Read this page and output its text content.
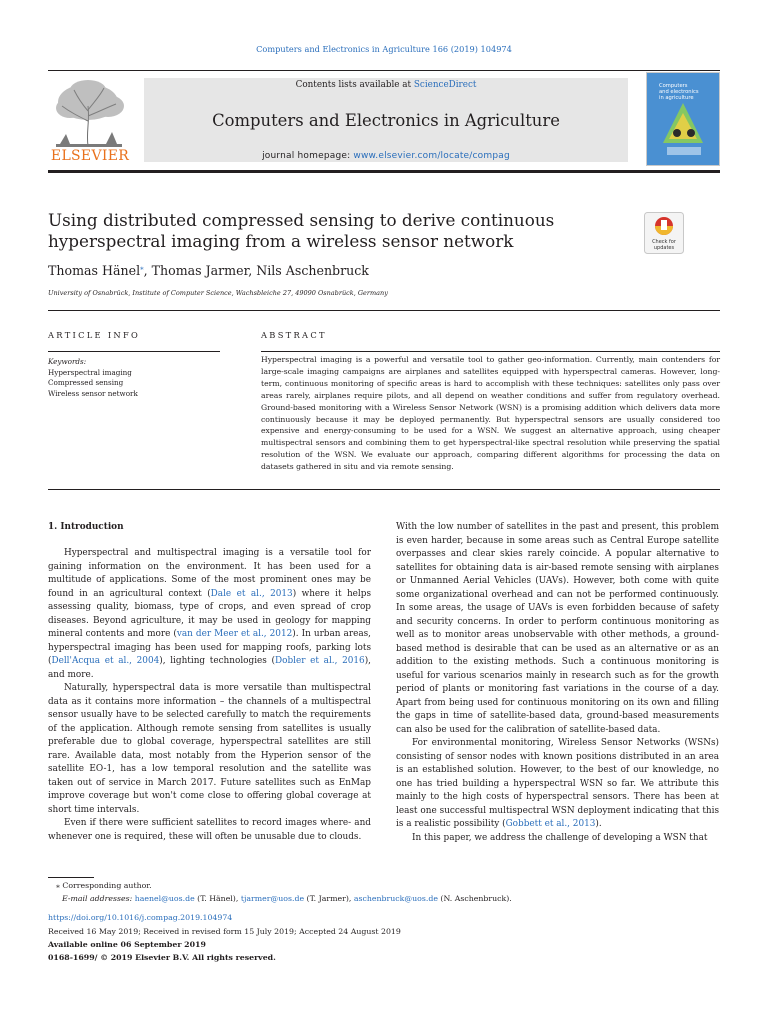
Computers and Electronics in Agriculture 166 (2019) 104974
ELSEVIER
Contents lists available at ScienceDirect
Computers and Electronics in Agriculture
journal homepage: www.elsevier.com/locate/compag
Computers
and electronics
in agriculture
Using distributed compressed sensing to derive continuous hyperspectral imaging from a wireless sensor network	Check for
updates
Thomas Hänel⁎, Thomas Jarmer, Nils Aschenbruck
University of Osnabrück, Institute of Computer Science, Wachsbleiche 27, 49090 Osnabrück, Germany
ARTICLE INFO	ABSTRACT
Keywords:
Hyperspectral imaging
Compressed sensing
Wireless sensor network
Hyperspectral imaging is a powerful and versatile tool to gather geo-information. Currently, main contenders for large-scale imaging campaigns are airplanes and satellites equipped with hyperspectral cameras. However, long-term, continuous monitoring of specific areas is hard to accomplish with these techniques: satellites only pass over areas rarely, airplanes require pilots, and all depend on weather conditions and suffer from regulatory overhead. Ground-based monitoring with a Wireless Sensor Network (WSN) is a promising addition which delivers data more continuously because it may be deployed permanently. But hyperspectral sensors are usually considered too expensive and energy-consuming to be used for a WSN. We suggest an alternative approach, using cheaper multispectral sensors and combining them to get hyperspectral-like spectral resolution while preserving the spatial resolution of the WSN. We evaluate our approach, comparing different algorithms for processing the data on datasets gathered in situ and via remote sensing.
1. Introduction

Hyperspectral and multispectral imaging is a versatile tool for gaining information on the environment. It has been used for a multitude of applications. Some of the most prominent ones may be found in an agricultural context (Dale et al., 2013) where it helps assessing quality, biomass, type of crops, and even spread of crop diseases. Beyond agriculture, it may be used in geology for mapping mineral contents and more (van der Meer et al., 2012). In urban areas, hyperspectral imaging has been used for mapping roofs, parking lots (Dell'Acqua et al., 2004), lighting technologies (Dobler et al., 2016), and more.

Naturally, hyperspectral data is more versatile than multispectral data as it contains more information – the channels of a multispectral sensor usually have to be selected carefully to match the requirements of the application. Although remote sensing from satellites is usually preferable due to global coverage, hyperspectral satellites are still rare. Available data, most notably from the Hyperion sensor of the satellite EO-1, has a low temporal resolution and the satellite was taken out of service in March 2017. Future satellites such as EnMap improve coverage but won't come close to offering global coverage at short time intervals.

Even if there were sufficient satellites to record images where- and whenever one is required, these will often be unusable due to clouds.

With the low number of satellites in the past and present, this problem is even harder, because in some areas such as Central Europe satellite overpasses and clear skies rarely coincide. A popular alternative to satellites for obtaining data is air-based remote sensing with airplanes or Unmanned Aerial Vehicles (UAVs). However, both come with quite some organizational overhead and can not be performed continuously. In some areas, the usage of UAVs is even forbidden because of safety and security concerns. In order to perform continuous monitoring as well as to monitor areas unobservable with other methods, a ground-based method is desirable that can be used as an alternative or as an addition to the existing methods. Such a continuous monitoring is useful for various scenarios mainly in research such as for the growth period of plants or monitoring fast variations in the course of a day. Apart from being used for continuous monitoring on its own and filling the gaps in time of satellite-based data, ground-based measurements can also be used for the calibration of satellite-based data.

For environmental monitoring, Wireless Sensor Networks (WSNs) consisting of sensor nodes with known positions distributed in an area is an established solution. However, to the best of our knowledge, no one has tried building a hyperspectral WSN so far. We attribute this mainly to the high costs of hyperspectral sensors. There has been at least one successful multispectral WSN deployment indicating that this is a realistic possibility (Gobbett et al., 2013).

In this paper, we address the challenge of developing a WSN that

⁎ Corresponding author.
E-mail addresses: haenel@uos.de (T. Hänel), tjarmer@uos.de (T. Jarmer), aschenbruck@uos.de (N. Aschenbruck).
https://doi.org/10.1016/j.compag.2019.104974
Received 16 May 2019; Received in revised form 15 July 2019; Accepted 24 August 2019
Available online 06 September 2019
0168-1699/ © 2019 Elsevier B.V. All rights reserved.
